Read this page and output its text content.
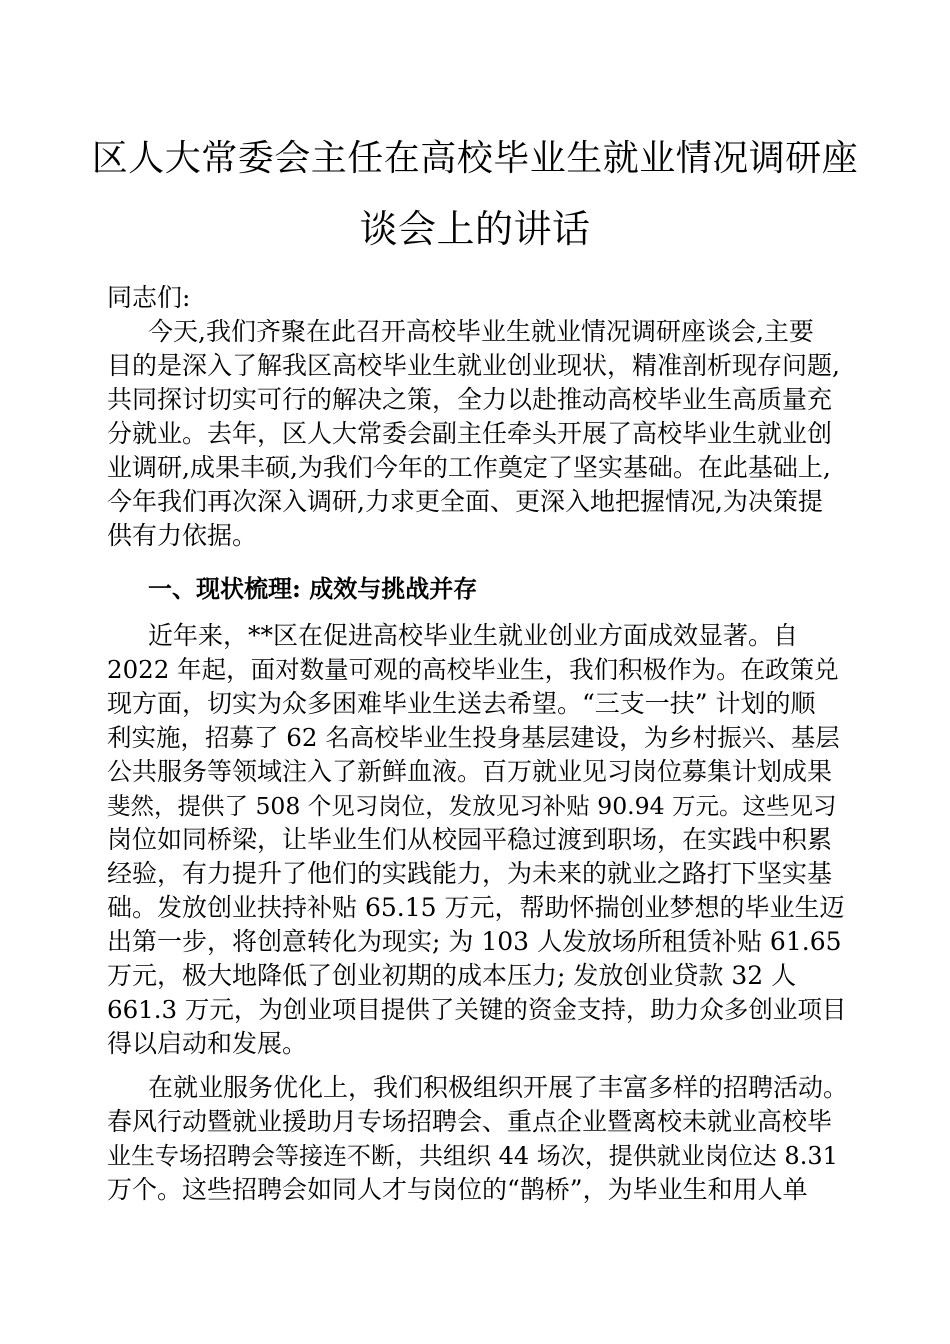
区人大常委会主任在高校毕业生就业情况调研座
谈会上的讲话
同志们:
今天,我们齐聚在此召开高校毕业生就业情况调研座谈会,主要
目的是深入了解我区高校毕业生就业创业现状，精准剖析现存问题,
共同探讨切实可行的解决之策，全力以赴推动高校毕业生高质量充
分就业。去年，区人大常委会副主任牵头开展了高校毕业生就业创
业调研,成果丰硕,为我们今年的工作奠定了坚实基础。在此基础上,
今年我们再次深入调研,力求更全面、更深入地把握情况,为决策提
供有力依据。
一、现状梳理: 成效与挑战并存
近年来，**区在促进高校毕业生就业创业方面成效显著。自
2022 年起，面对数量可观的高校毕业生，我们积极作为。在政策兑
现方面，切实为众多困难毕业生送去希望。“三支一扶” 计划的顺
利实施，招募了 62 名高校毕业生投身基层建设，为乡村振兴、基层
公共服务等领域注入了新鲜血液。百万就业见习岗位募集计划成果
斐然，提供了 508 个见习岗位，发放见习补贴 90.94 万元。这些见习
岗位如同桥梁，让毕业生们从校园平稳过渡到职场，在实践中积累
经验，有力提升了他们的实践能力，为未来的就业之路打下坚实基
础。发放创业扶持补贴 65.15 万元，帮助怀揣创业梦想的毕业生迈
出第一步，将创意转化为现实; 为 103 人发放场所租赁补贴 61.65
万元，极大地降低了创业初期的成本压力; 发放创业贷款 32 人
661.3 万元，为创业项目提供了关键的资金支持，助力众多创业项目
得以启动和发展。
在就业服务优化上，我们积极组织开展了丰富多样的招聘活动。
春风行动暨就业援助月专场招聘会、重点企业暨离校未就业高校毕
业生专场招聘会等接连不断，共组织 44 场次，提供就业岗位达 8.31
万个。这些招聘会如同人才与岗位的“鹊桥”，为毕业生和用人单
